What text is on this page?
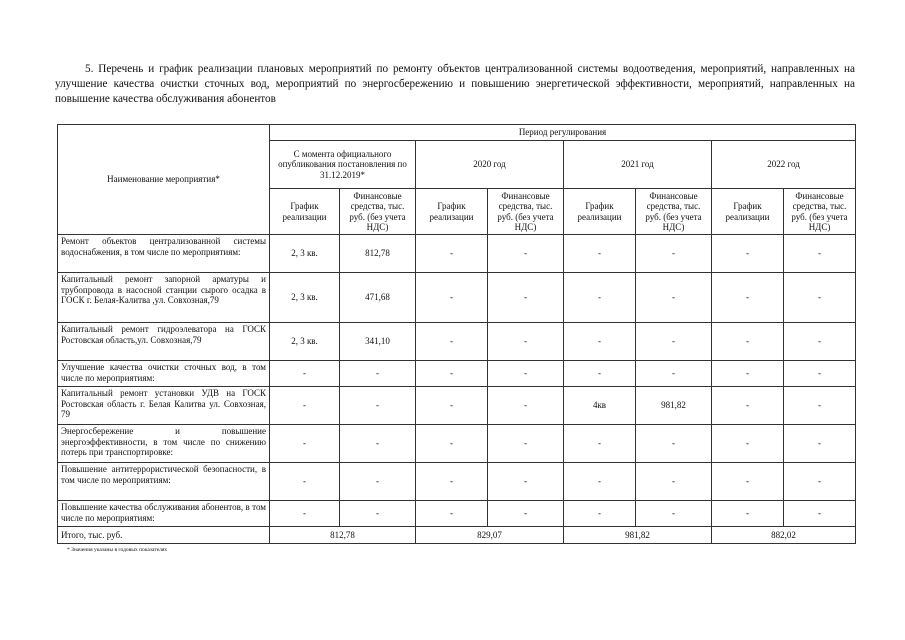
5. Перечень и график реализации плановых мероприятий по ремонту объектов централизованной системы водоотведения, мероприятий, направленных на улучшение качества очистки сточных вод, мероприятий по энергосбережению и повышению энергетической эффективности, мероприятий, направленных на повышение качества обслуживания абонентов
Наименование мероприятия*	Период регулирования							
	С момента официального опубликования постановления по 31.12.2019*		2020 год		2021 год		2022 год	
	График реализации	Финансовые средства, тыс. руб. (без учета НДС)	График реализации	Финансовые средства, тыс. руб. (без учета НДС)	График реализации	Финансовые средства, тыс. руб. (без учета НДС)	График реализации	Финансовые средства, тыс. руб. (без учета НДС)
Ремонт объектов централизованной системы водоснабжения, в том числе по мероприятиям:	2, 3 кв.	812,78	-	-	-	-	-	-
Капитальный ремонт запорной арматуры и трубопровода в насосной станции сырого осадка в ГОСК г. Белая-Калитва ,ул. Совхозная,79	2, 3 кв.	471,68	-	-	-	-	-	-
Капитальный ремонт гидроэлеватора на ГОСК Ростовская область,ул. Совхозная,79	2, 3 кв.	341,10	-	-	-	-	-	-
Улучшение качества очистки сточных вод, в том числе по мероприятиям:	-	-	-	-	-	-	-	-
Капитальный ремонт установки УДВ на ГОСК Ростовская область г. Белая Калитва ул. Совхозная, 79	-	-	-	-	4кв	981,82	-	-
Энергосбережение и повышение энергоэффективности, в том числе по снижению потерь при транспортировке:	-	-	-	-	-	-	-	-
Повышение антитеррористической безопасности, в том числе по мероприятиям:	-	-	-	-	-	-	-	-
Повышение качества обслуживания абонентов, в том числе по мероприятиям:	-	-	-	-	-	-	-	-
Итого, тыс. руб.	812,78		829,07		981,82		882,02	
* Значения указаны в годовых показателях
